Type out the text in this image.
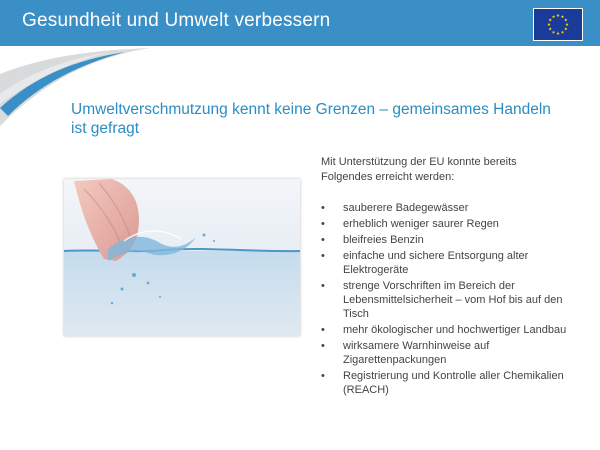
Gesundheit und Umwelt verbessern
Umweltverschmutzung kennt keine Grenzen – gemeinsames Handeln ist gefragt
Mit Unterstützung der EU konnte bereits Folgendes erreicht werden:
• sauberere Badegewässer
• erheblich weniger saurer Regen
• bleifreies Benzin
• einfache und sichere Entsorgung alter Elektrogeräte
• strenge Vorschriften im Bereich der Lebensmittelsicherheit – vom Hof bis auf den Tisch
• mehr ökologischer und hochwertiger Landbau
• wirksamere Warnhinweise auf Zigarettenpackungen
• Registrierung und Kontrolle aller Chemikalien (REACH)
